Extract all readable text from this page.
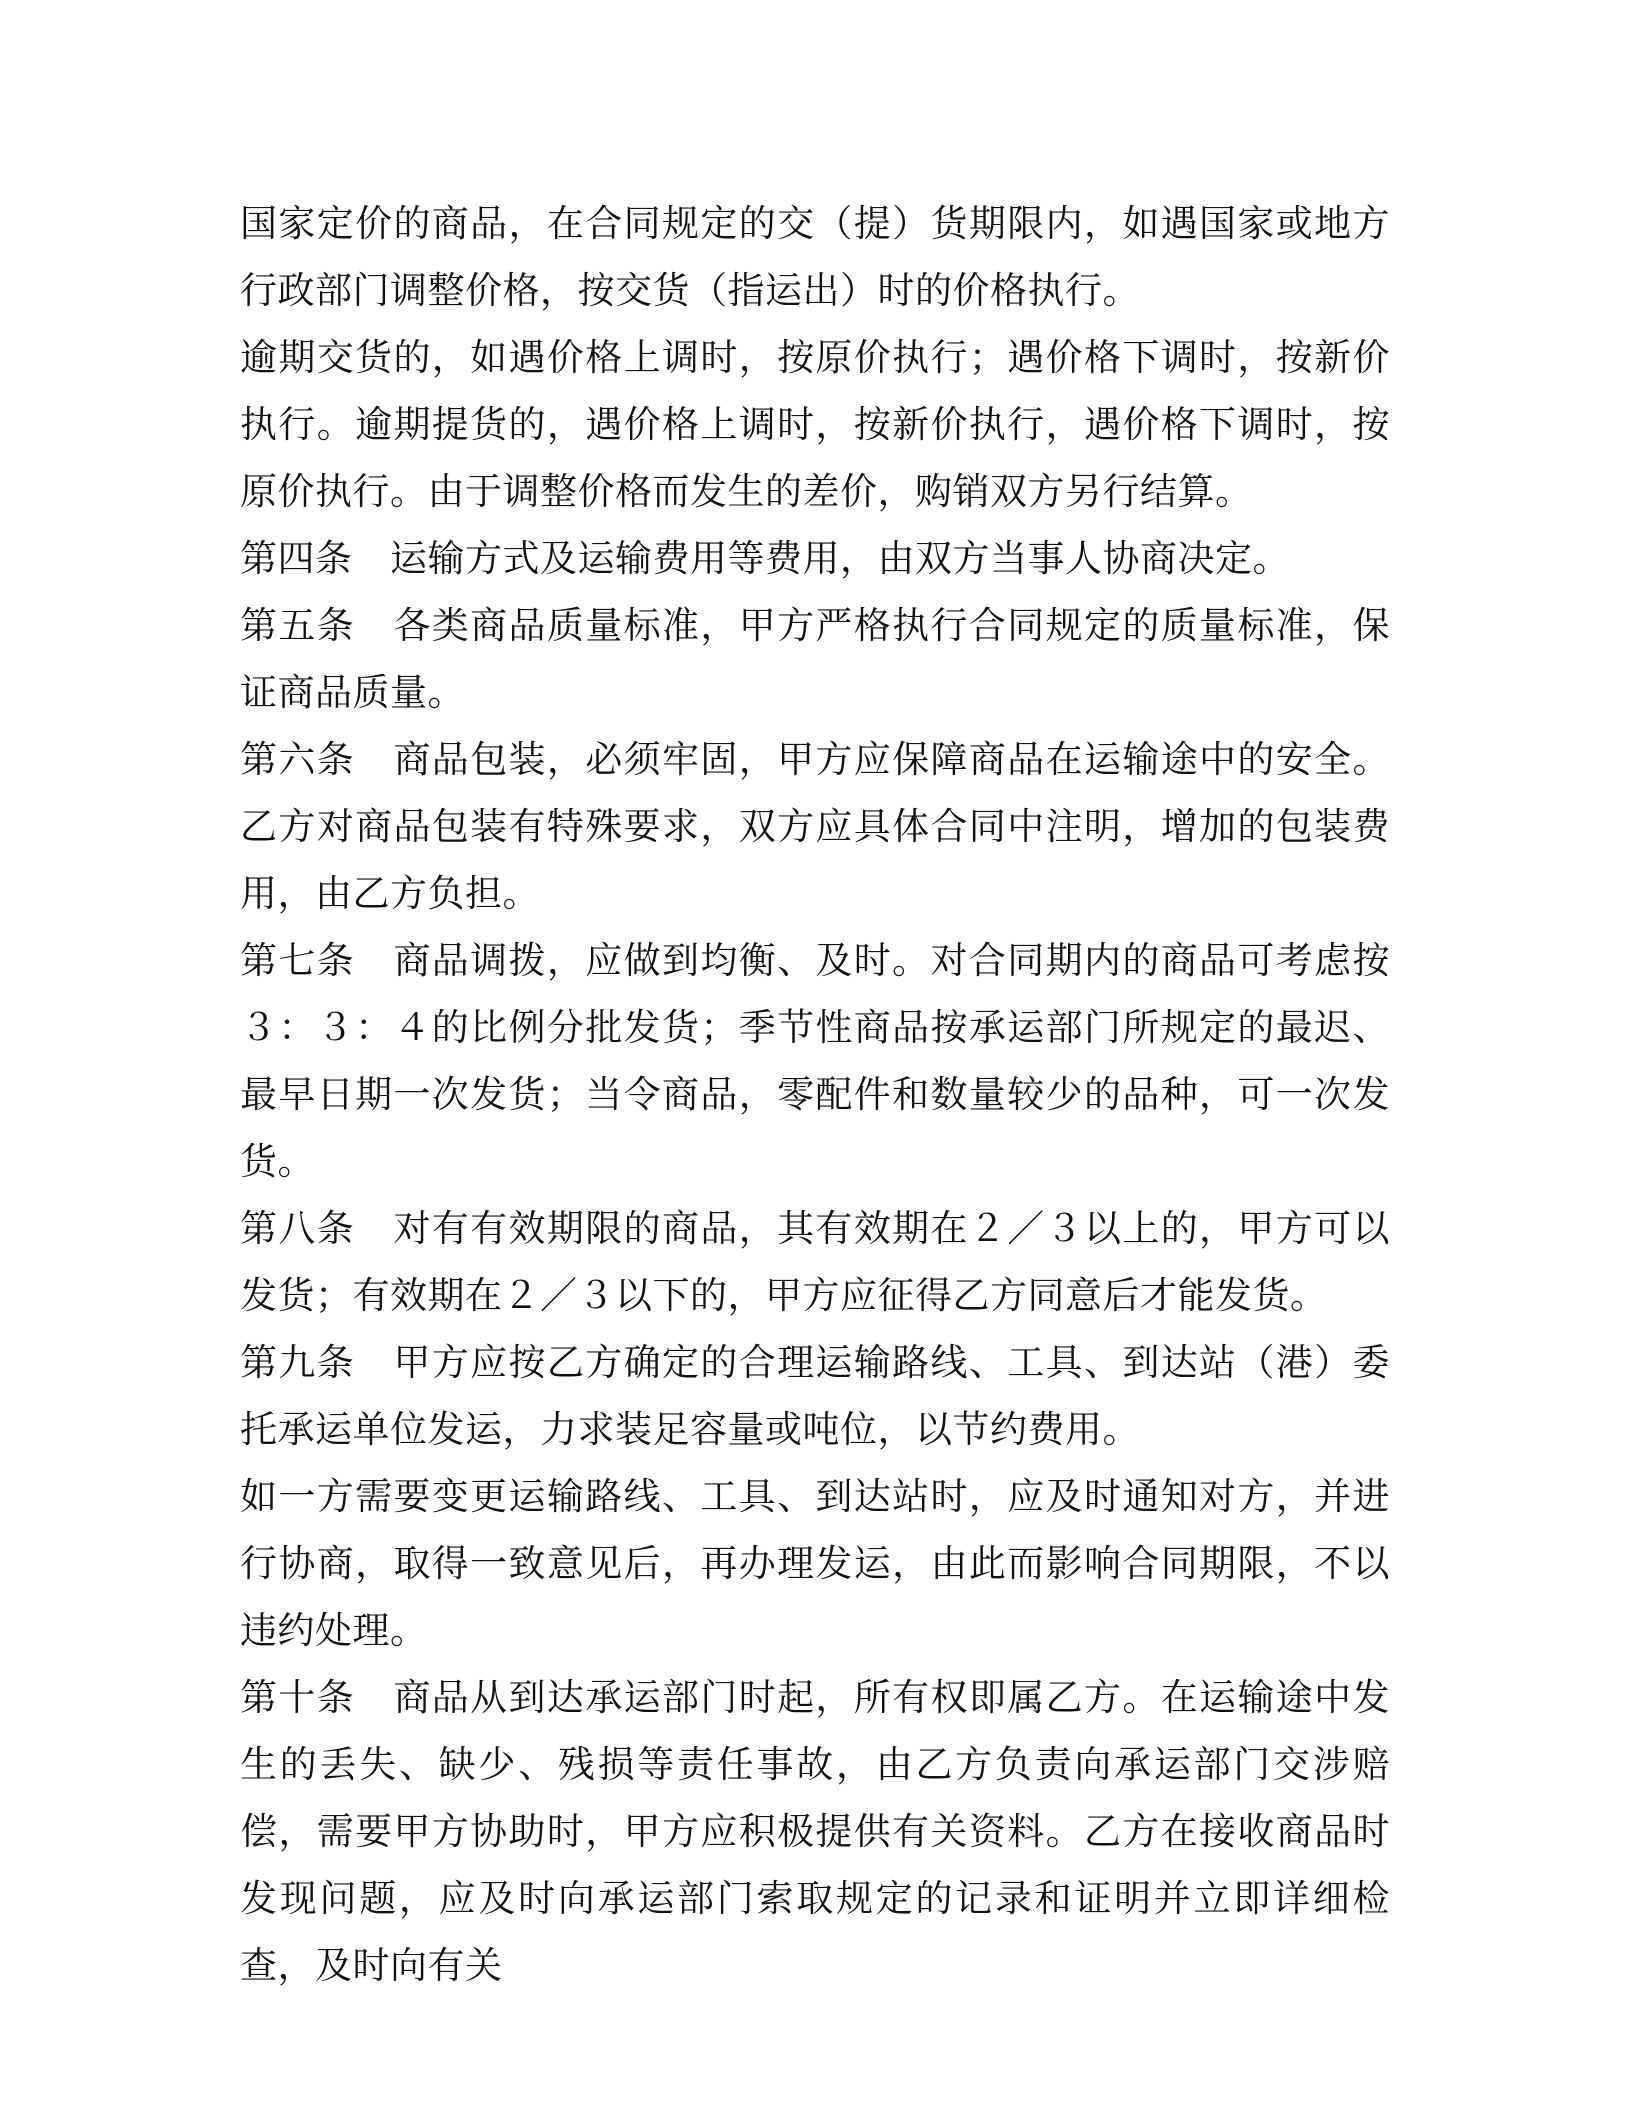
国家定价的商品，在合同规定的交（提）货期限内，如遇国家或地方行政部门调整价格，按交货（指运出）时的价格执行。

逾期交货的，如遇价格上调时，按原价执行；遇价格下调时，按新价执行。逾期提货的，遇价格上调时，按新价执行，遇价格下调时，按原价执行。由于调整价格而发生的差价，购销双方另行结算。

第四条　运输方式及运输费用等费用，由双方当事人协商决定。

第五条　各类商品质量标准，甲方严格执行合同规定的质量标准，保证商品质量。

第六条　商品包装，必须牢固，甲方应保障商品在运输途中的安全。乙方对商品包装有特殊要求，双方应具体合同中注明，增加的包装费用，由乙方负担。

第七条　商品调拨，应做到均衡、及时。对合同期内的商品可考虑按３：３：４的比例分批发货；季节性商品按承运部门所规定的最迟、最早日期一次发货；当令商品，零配件和数量较少的品种，可一次发货。

第八条　对有有效期限的商品，其有效期在２／３以上的，甲方可以发货；有效期在２／３以下的，甲方应征得乙方同意后才能发货。

第九条　甲方应按乙方确定的合理运输路线、工具、到达站（港）委托承运单位发运，力求装足容量或吨位，以节约费用。

如一方需要变更运输路线、工具、到达站时，应及时通知对方，并进行协商，取得一致意见后，再办理发运，由此而影响合同期限，不以违约处理。

第十条　商品从到达承运部门时起，所有权即属乙方。在运输途中发生的丢失、缺少、残损等责任事故，由乙方负责向承运部门交涉赔偿，需要甲方协助时，甲方应积极提供有关资料。乙方在接收商品时发现问题，应及时向承运部门索取规定的记录和证明并立即详细检查，及时向有关
